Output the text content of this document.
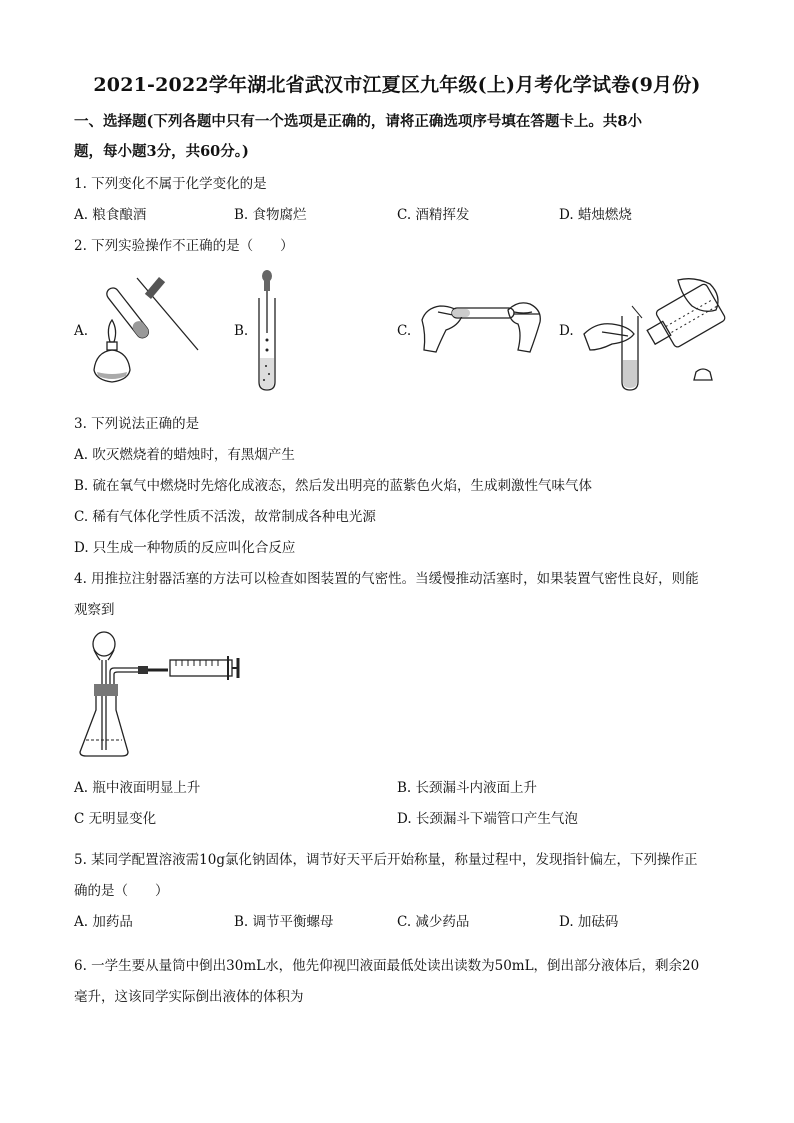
2021-2022学年湖北省武汉市江夏区九年级(上)月考化学试卷(9月份)
一、选择题(下列各题中只有一个选项是正确的，请将正确选项序号填在答题卡上。共8小
题，每小题3分，共60分。)
1. 下列变化不属于化学变化的是
A. 粮食酿酒	B. 食物腐烂	C. 酒精挥发	D. 蜡烛燃烧
2. 下列实验操作不正确的是（　　）
A.	B.	C.	D.
3. 下列说法正确的是
A. 吹灭燃烧着的蜡烛时，有黑烟产生
B. 硫在氧气中燃烧时先熔化成液态，然后发出明亮的蓝紫色火焰，生成刺激性气味气体
C. 稀有气体化学性质不活泼，故常制成各种电光源
D. 只生成一种物质的反应叫化合反应
4. 用推拉注射器活塞的方法可以检查如图装置的气密性。当缓慢推动活塞时，如果装置气密性良好，则能
观察到
A. 瓶中液面明显上升	B. 长颈漏斗内液面上升
C 无明显变化	D. 长颈漏斗下端管口产生气泡
5. 某同学配置溶液需10g氯化钠固体，调节好天平后开始称量，称量过程中，发现指针偏左，下列操作正
确的是（　　）
A. 加药品	B. 调节平衡螺母	C. 减少药品	D. 加砝码
6. 一学生要从量筒中倒出30mL水，他先仰视凹液面最低处读出读数为50mL，倒出部分液体后，剩余20
毫升，这该同学实际倒出液体的体积为
